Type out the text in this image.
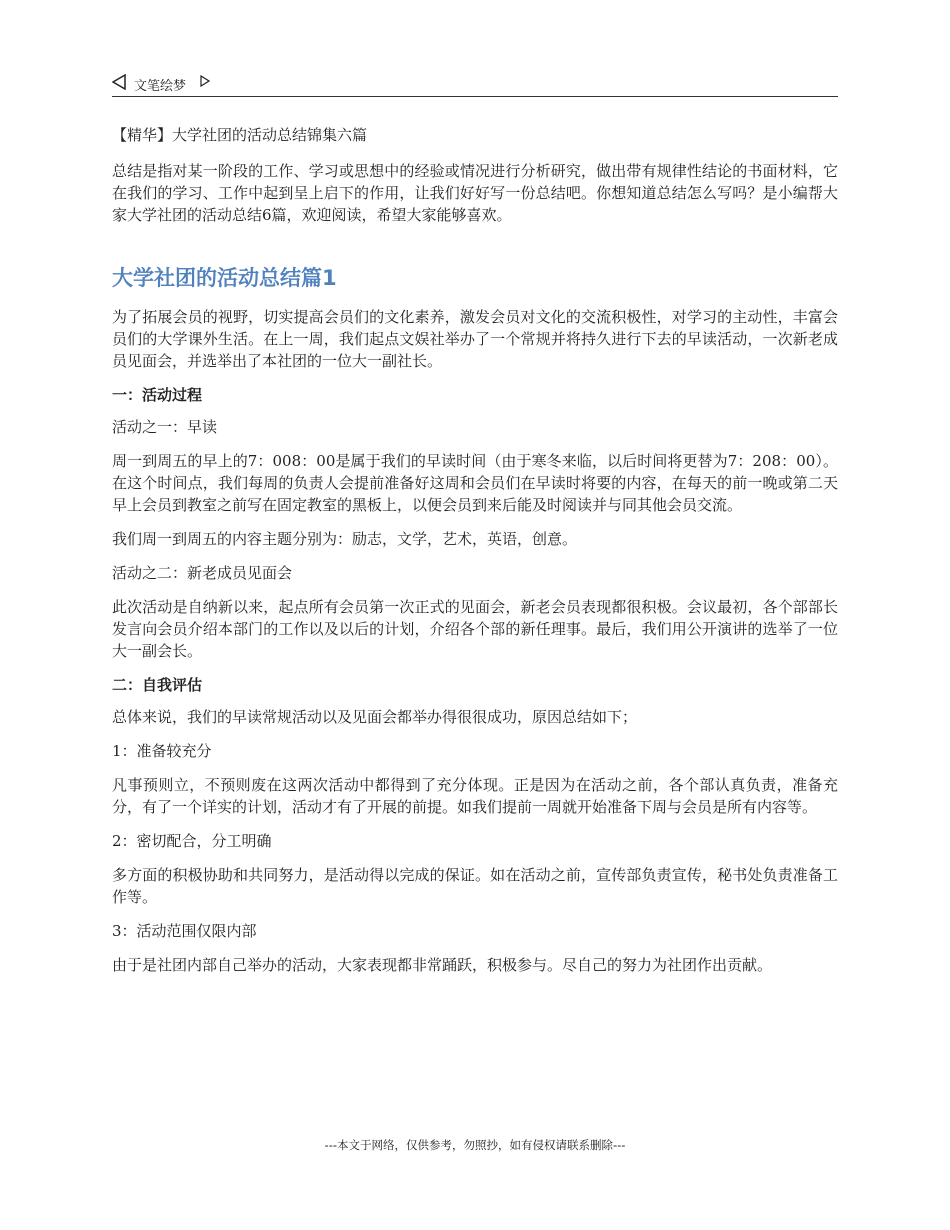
文笔绘梦
【精华】大学社团的活动总结锦集六篇

总结是指对某一阶段的工作、学习或思想中的经验或情况进行分析研究，做出带有规律性结论的书面材料，它在我们的学习、工作中起到呈上启下的作用，让我们好好写一份总结吧。你想知道总结怎么写吗？是小编帮大家大学社团的活动总结6篇，欢迎阅读，希望大家能够喜欢。

大学社团的活动总结篇1

为了拓展会员的视野，切实提高会员们的文化素养，激发会员对文化的交流积极性，对学习的主动性，丰富会员们的大学课外生活。在上一周，我们起点文娱社举办了一个常规并将持久进行下去的早读活动，一次新老成员见面会，并选举出了本社团的一位大一副社长。

一：活动过程

活动之一：早读

周一到周五的早上的7：008：00是属于我们的早读时间（由于寒冬来临，以后时间将更替为7：208：00）。在这个时间点，我们每周的负责人会提前准备好这周和会员们在早读时将要的内容，在每天的前一晚或第二天早上会员到教室之前写在固定教室的黑板上，以便会员到来后能及时阅读并与同其他会员交流。

我们周一到周五的内容主题分别为：励志，文学，艺术，英语，创意。

活动之二：新老成员见面会

此次活动是自纳新以来，起点所有会员第一次正式的见面会，新老会员表现都很积极。会议最初，各个部部长发言向会员介绍本部门的工作以及以后的计划，介绍各个部的新任理事。最后，我们用公开演讲的选举了一位大一副会长。

二：自我评估

总体来说，我们的早读常规活动以及见面会都举办得很很成功，原因总结如下；

1：准备较充分

凡事预则立，不预则废在这两次活动中都得到了充分体现。正是因为在活动之前，各个部认真负责，准备充分，有了一个详实的计划，活动才有了开展的前提。如我们提前一周就开始准备下周与会员是所有内容等。

2：密切配合，分工明确

多方面的积极协助和共同努力，是活动得以完成的保证。如在活动之前，宣传部负责宣传，秘书处负责准备工作等。

3：活动范围仅限内部

由于是社团内部自己举办的活动，大家表现都非常踊跃，积极参与。尽自己的努力为社团作出贡献。

---本文于网络，仅供参考，勿照抄，如有侵权请联系删除---
